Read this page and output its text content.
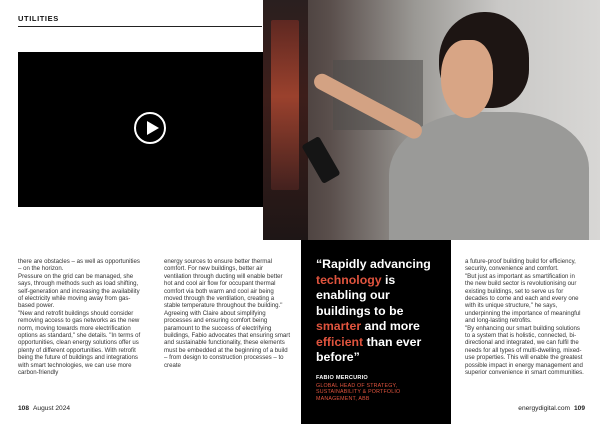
UTILITIES

there are obstacles – as well as opportunities – on the horizon.
Pressure on the grid can be managed, she says, through methods such as load shifting, self-generation and increasing the availability of electricity while moving away from gas-based power.
"New and retrofit buildings should consider removing access to gas networks as the new norm, moving towards more electrification options as standard," she details. "In terms of opportunities, clean energy solutions offer us plenty of different opportunities. With retrofit being the future of buildings and integrations with smart technologies, we can use more carbon-friendly

energy sources to ensure better thermal comfort. For new buildings, better air ventilation through ducting will enable better hot and cool air flow for occupant thermal comfort via both warm and cool air being moved through the ventilation, creating a stable temperature throughout the building."
Agreeing with Claire about simplifying processes and ensuring comfort being paramount to the success of electrifying buildings, Fabio advocates that ensuring smart and sustainable functionality, these elements must be embedded at the beginning of a build – from design to construction processes – to create

“Rapidly advancing technology is enabling our buildings to be smarter and more efficient than ever before”
FABIO MERCURIO
GLOBAL HEAD OF STRATEGY, SUSTAINABILITY & PORTFOLIO MANAGEMENT, ABB

a future-proof building build for efficiency, security, convenience and comfort.
"But just as important as smartification in the new build sector is revolutionising our existing buildings, set to serve us for decades to come and each and every one with its unique structure," he says, underpinning the importance of meaningful and long-lasting retrofits.
"By enhancing our smart building solutions to a system that is holistic, connected, bi-directional and integrated, we can fulfil the needs for all types of multi-dwelling, mixed-use properties. This will enable the greatest possible impact in energy management and superior convenience in smart communities.

108 August 2024	energydigital.com 109
